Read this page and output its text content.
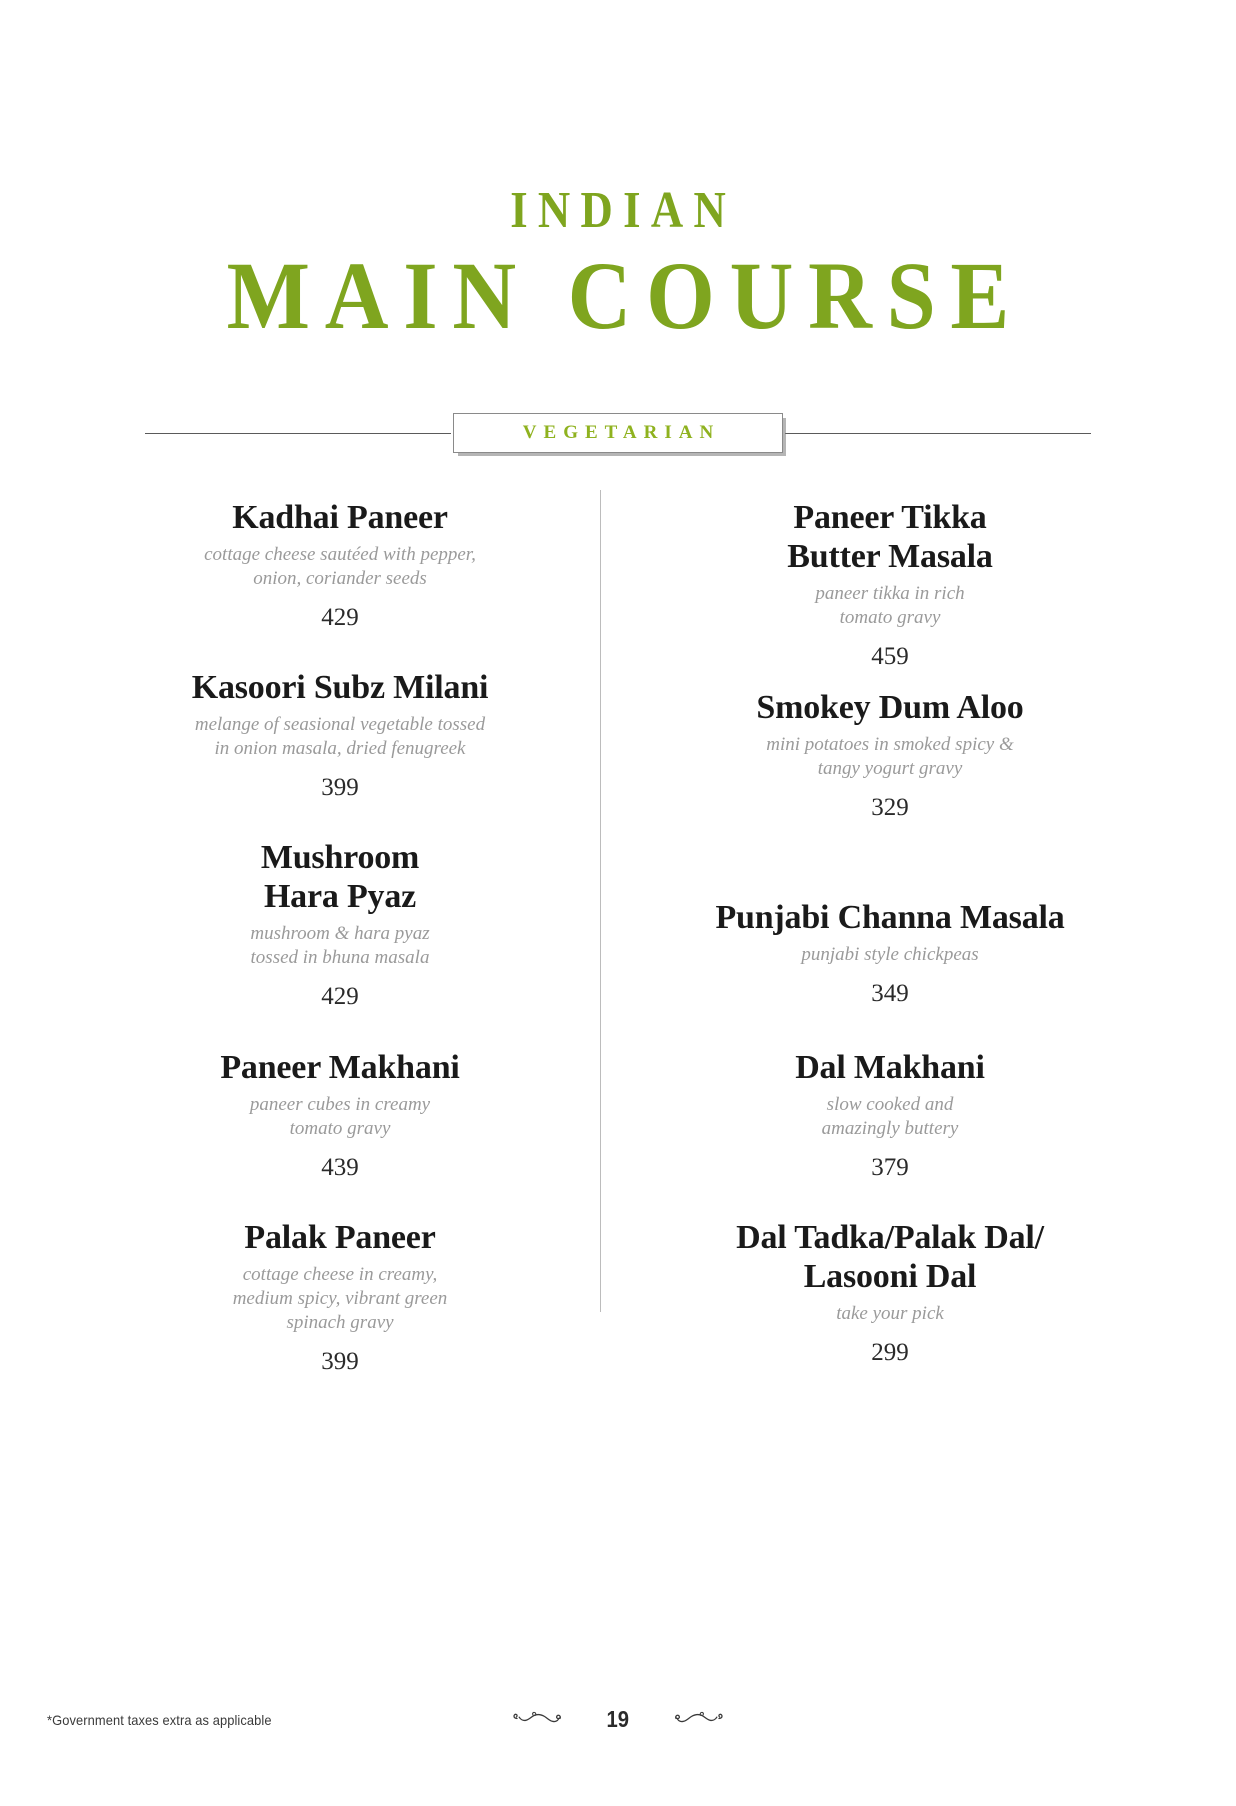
INDIAN
MAIN COURSE
VEGETARIAN
Kadhai Paneer
cottage cheese sautéed with pepper,
onion, coriander seeds
429
Kasoori Subz Milani
melange of seasional vegetable tossed
in onion masala, dried fenugreek
399
Mushroom
Hara Pyaz
mushroom & hara pyaz
tossed in bhuna masala
429
Paneer Makhani
paneer cubes in creamy
tomato gravy
439
Palak Paneer
cottage cheese in creamy,
medium spicy, vibrant green
spinach gravy
399
Paneer Tikka
Butter Masala
paneer tikka in rich
tomato gravy
459
Smokey Dum Aloo
mini potatoes in smoked spicy &
tangy yogurt gravy
329
Punjabi Channa Masala
punjabi style chickpeas
349
Dal Makhani
slow cooked and
amazingly buttery
379
Dal Tadka/Palak Dal/
Lasooni Dal
take your pick
299
*Government taxes extra as applicable	19
